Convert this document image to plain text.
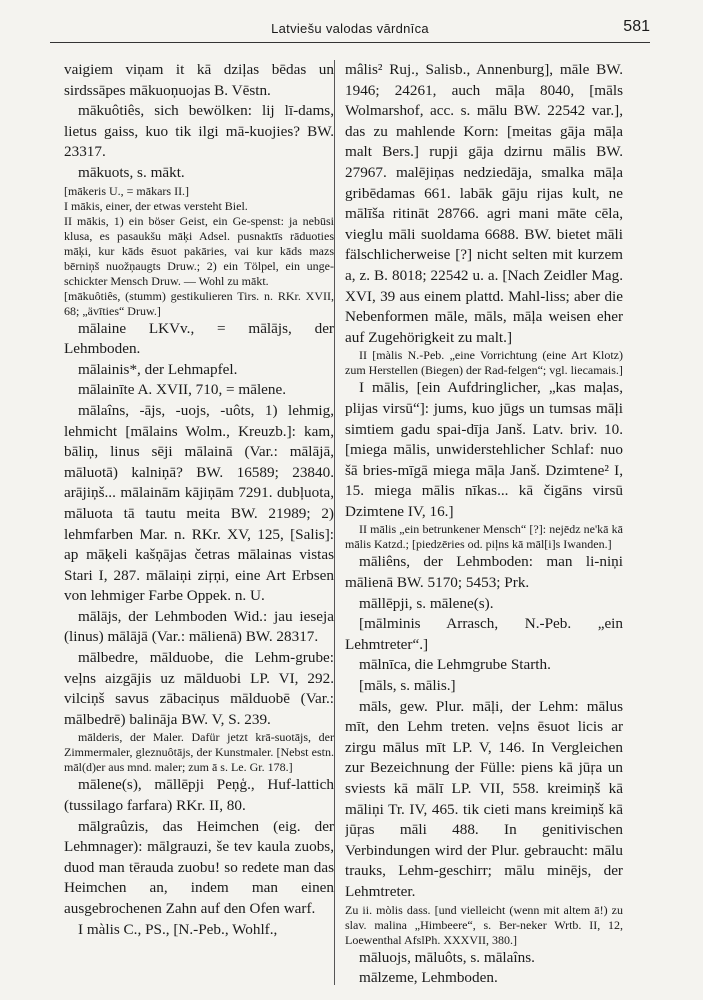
Latviešu valodas vārdnīca	581

vaigiem viņam it kā dziļas bēdas un sirdssāpes mākuoņuojas B. Vēstn.

mākuôtiês, sich bewölken: lij lī-dams, lietus gaiss, kuo tik ilgi mā-kuojies? BW. 23317.

mākuots, s. mākt.

[mākeris U., = mākars II.]

I mākis, einer, der etwas versteht Biel.

II mākis, 1) ein böser Geist, ein Ge-spenst: ja nebūsi klusa, es pasaukšu māķi Adsel. pusnaktīs rāduoties māķi, kur kāds ēsuot pakāries, vai kur kāds mazs bērniņš nuožņaugts Druw.; 2) ein Tölpel, ein unge-schickter Mensch Druw. — Wohl zu mākt.

[mākuôtiês, (stumm) gestikulieren Tirs. n. RKr. XVII, 68; „ävīties“ Druw.]

mālaine LKVv., = mālājs, der Lehmboden.

mālainis*, der Lehmapfel.

mālainīte A. XVII, 710, = mālene.

mālaîns, -ājs, -uojs, -uôts, 1) lehmig, lehmicht [mālains Wolm., Kreuzb.]: kam, bāliņ, linus sēji mālainā (Var.: mālājā, māluotā) kalniņā? BW. 16589; 23840. arājiņš... mālainām kājiņām 7291. dubļuota, māluota tā tautu meita BW. 21989; 2) lehmfarben Mar. n. RKr. XV, 125, [Salis]: ap māķeli kašņājas četras mālainas vistas Stari I, 287. mālaiņi ziŗņi, eine Art Erbsen von lehmiger Farbe Oppek. n. U.

mālājs, der Lehmboden Wid.: jau ieseja (linus) mālājā (Var.: mālienā) BW. 28317.

mālbedre, mālduobe, die Lehm-grube: veļns aizgājis uz mālduobi LP. VI, 292. vilciņš savus zābaciņus mālduobē (Var.: mālbedrē) balināja BW. V, S. 239.

mālderis, der Maler. Dafür jetzt krā-suotājs, der Zimmermaler, gleznuôtājs, der Kunstmaler. [Nebst estn. māl(d)er aus mnd. maler; zum ā s. Le. Gr. 178.]

mālene(s), māllēpji Peņģ., Huf-lattich (tussilago farfara) RKr. II, 80.

mālgraûzis, das Heimchen (eig. der Lehmnager): mālgrauzi, še tev kaula zuobs, duod man tērauda zuobu! so redete man das Heimchen an, indem man einen ausgebrochenen Zahn auf den Ofen warf.

I màlis C., PS., [N.-Peb., Wohlf.,

mâlis² Ruj., Salisb., Annenburg], māle BW. 1946; 24261, auch māļa 8040, [māls Wolmarshof, acc. s. mālu BW. 22542 var.], das zu mahlende Korn: [meitas gāja māļa malt Bers.] rupji gāja dzirnu mālis BW. 27967. malējiņas nedziedāja, smalka māļa gribēdamas 661. labāk gāju rijas kult, ne mālīša ritināt 28766. agri mani māte cēla, vieglu māli suoldama 6688. BW. bietet māli fälschlicherweise [?] nicht selten mit kurzem a, z. B. 8018; 22542 u. a. [Nach Zeidler Mag. XVI, 39 aus einem plattd. Mahl-liss; aber die Nebenformen māle, māls, māļa weisen eher auf Zugehörigkeit zu malt.]

II [màlis N.-Peb. „eine Vorrichtung (eine Art Klotz) zum Herstellen (Biegen) der Rad-felgen“; vgl. liecamais.]

I mālis, [ein Aufdringlicher, „kas maļas, plijas virsū“]: jums, kuo jūgs un tumsas māļi simtiem gadu spai-dīja Janš. Latv. briv. 10. [miega mālis, unwiderstehlicher Schlaf: nuo šā bries-mīgā miega māļa Janš. Dzimtene² I, 15. miega mālis nīkas... kā čigāns virsū Dzimtene IV, 16.]

II mālis „ein betrunkener Mensch“ [?]: nejēdz ne'kā kā mālis Katzd.; [piedzēries od. piļns kā māl[i]s Iwanden.]

māliêns, der Lehmboden: man li-niņi mālienā BW. 5170; 5453; Prk.

māllēpji, s. mālene(s).

[mālminis Arrasch, N.-Peb. „ein Lehmtreter“.]

mālnīca, die Lehmgrube Starth.

[māls, s. mālis.]

māls, gew. Plur. māļi, der Lehm: mālus mīt, den Lehm treten. veļns ēsuot licis ar zirgu mālus mīt LP. V, 146. In Vergleichen zur Bezeichnung der Fülle: piens kā jūŗa un sviests kā mālī LP. VII, 558. kreimiņš kā māliņi Tr. IV, 465. tik cieti mans kreimiņš kā jūŗas māli 488. In genitivischen Verbindungen wird der Plur. gebraucht: mālu trauks, Lehm-geschirr; mālu minējs, der Lehmtreter.

Zu ii. mòlis dass. [und vielleicht (wenn mit altem ā!) zu slav. malina „Himbeere“, s. Ber-neker Wrtb. II, 12, Loewenthal AfslPh. XXXVII, 380.]

māluojs, māluôts, s. mālaîns.

mālzeme, Lehmboden.
